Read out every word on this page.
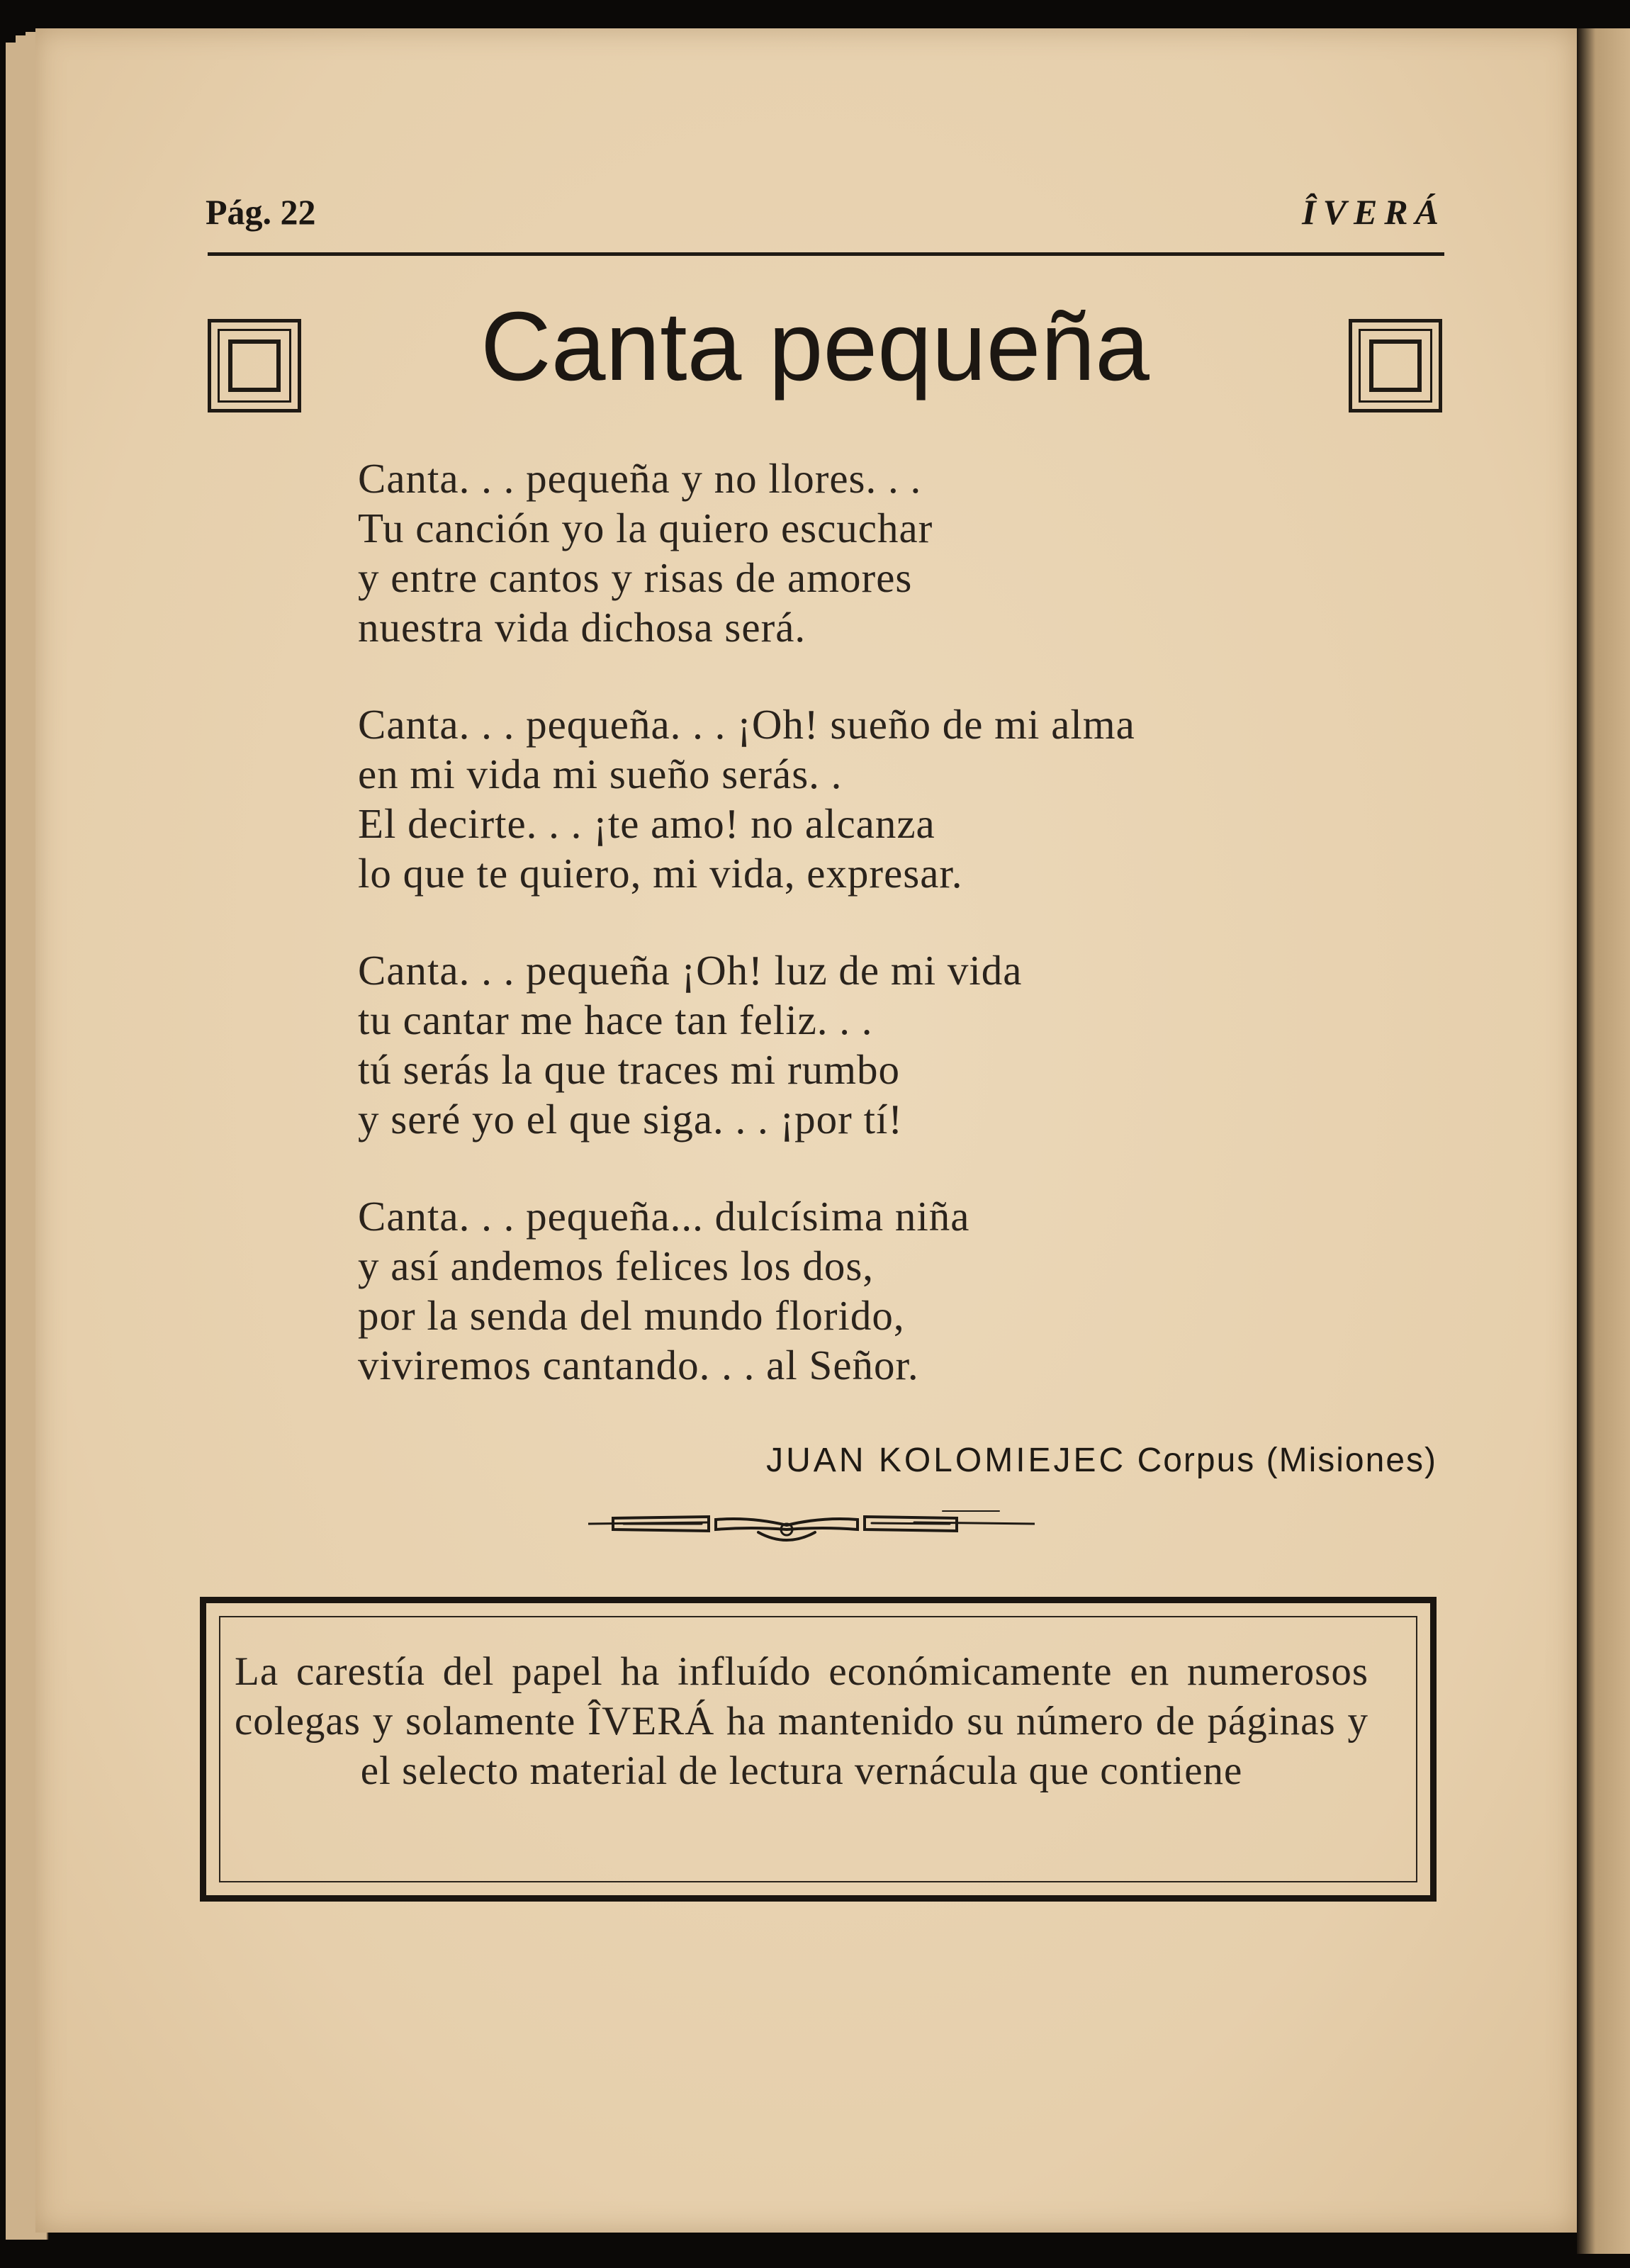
Pág. 22	ÎVERÁ
Canta pequeña
Canta. . . pequeña y no llores. . .
Tu canción yo la quiero escuchar
y entre cantos y risas de amores
nuestra vida dichosa será.
Canta. . . pequeña. . . ¡Oh! sueño de mi alma
en mi vida mi sueño serás. .
El decirte. . . ¡te amo! no alcanza
lo que te quiero, mi vida, expresar.
Canta. . . pequeña ¡Oh! luz de mi vida
tu cantar me hace tan feliz. . .
tú serás la que traces mi rumbo
y seré yo el que siga. . . ¡por tí!
Canta. . . pequeña... dulcísima niña
y así andemos felices los dos,
por la senda del mundo florido,
viviremos cantando. . . al Señor.
JUAN KOLOMIEJEC Corpus (Misiones)
La carestía del papel ha influído económicamente en numerosos colegas y solamente ÎVERÁ ha mantenido su número de páginas y el selecto material de lectura vernácula que contiene
